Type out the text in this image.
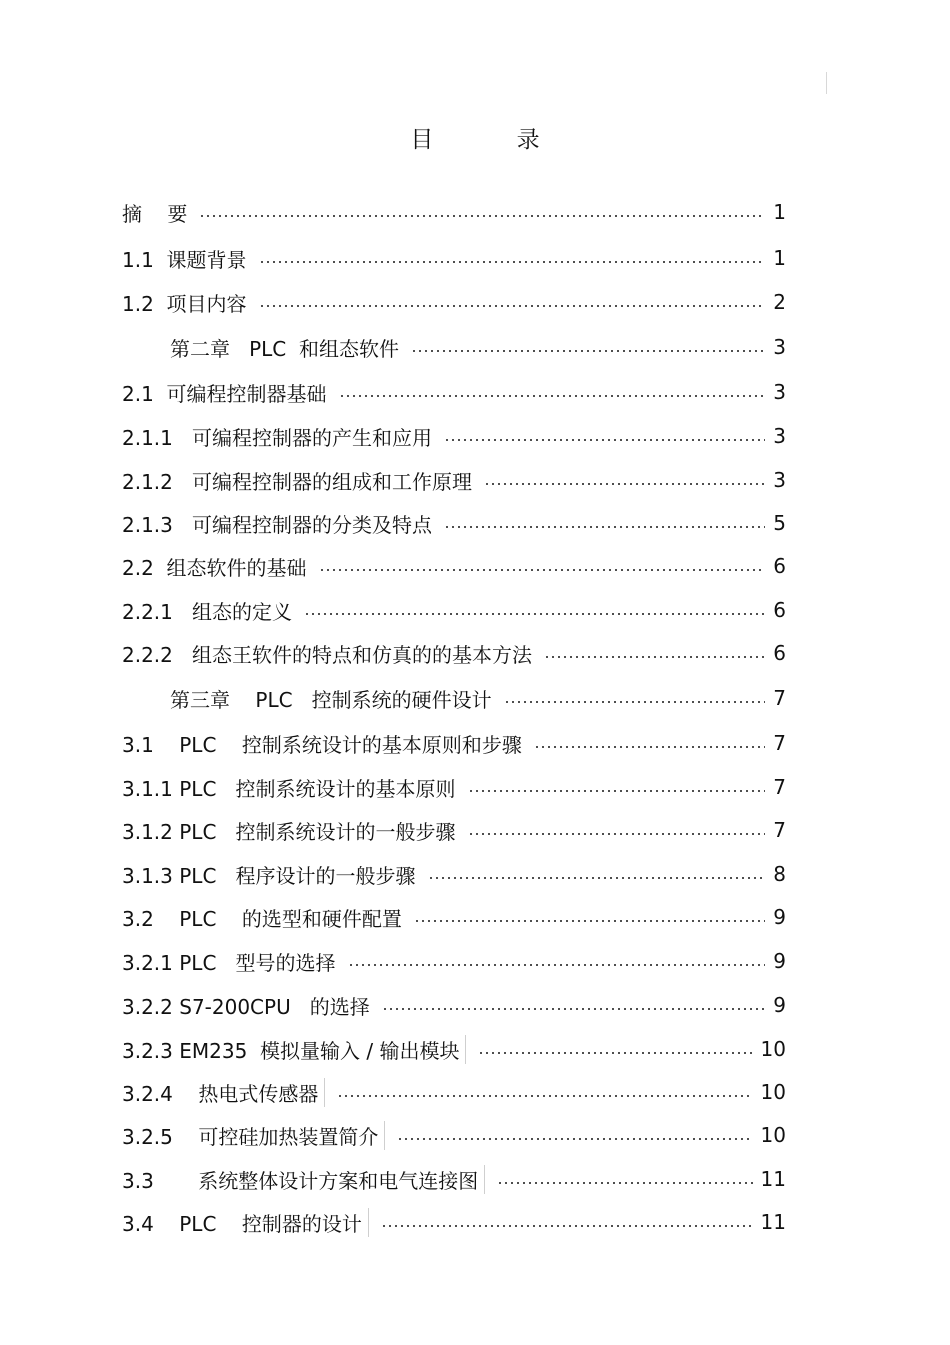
目 录
摘    要	1
1.1  课题背景	1
1.2  项目内容	2
第二章   PLC  和组态软件	3
2.1  可编程控制器基础	3
2.1.1   可编程控制器的产生和应用	3
2.1.2   可编程控制器的组成和工作原理	3
2.1.3   可编程控制器的分类及特点	5
2.2  组态软件的基础	6
2.2.1   组态的定义	6
2.2.2   组态王软件的特点和仿真的的基本方法	6
第三章    PLC   控制系统的硬件设计	7
3.1    PLC    控制系统设计的基本原则和步骤	7
3.1.1 PLC   控制系统设计的基本原则	7
3.1.2 PLC   控制系统设计的一般步骤	7
3.1.3 PLC   程序设计的一般步骤	8
3.2    PLC    的选型和硬件配置	9
3.2.1 PLC   型号的选择	9
3.2.2 S7-200CPU   的选择	9
3.2.3 EM235  模拟量输入 / 输出模块	10
3.2.4    热电式传感器	10
3.2.5    可控硅加热装置简介	10
3.3       系统整体设计方案和电气连接图	11
3.4    PLC    控制器的设计	11
